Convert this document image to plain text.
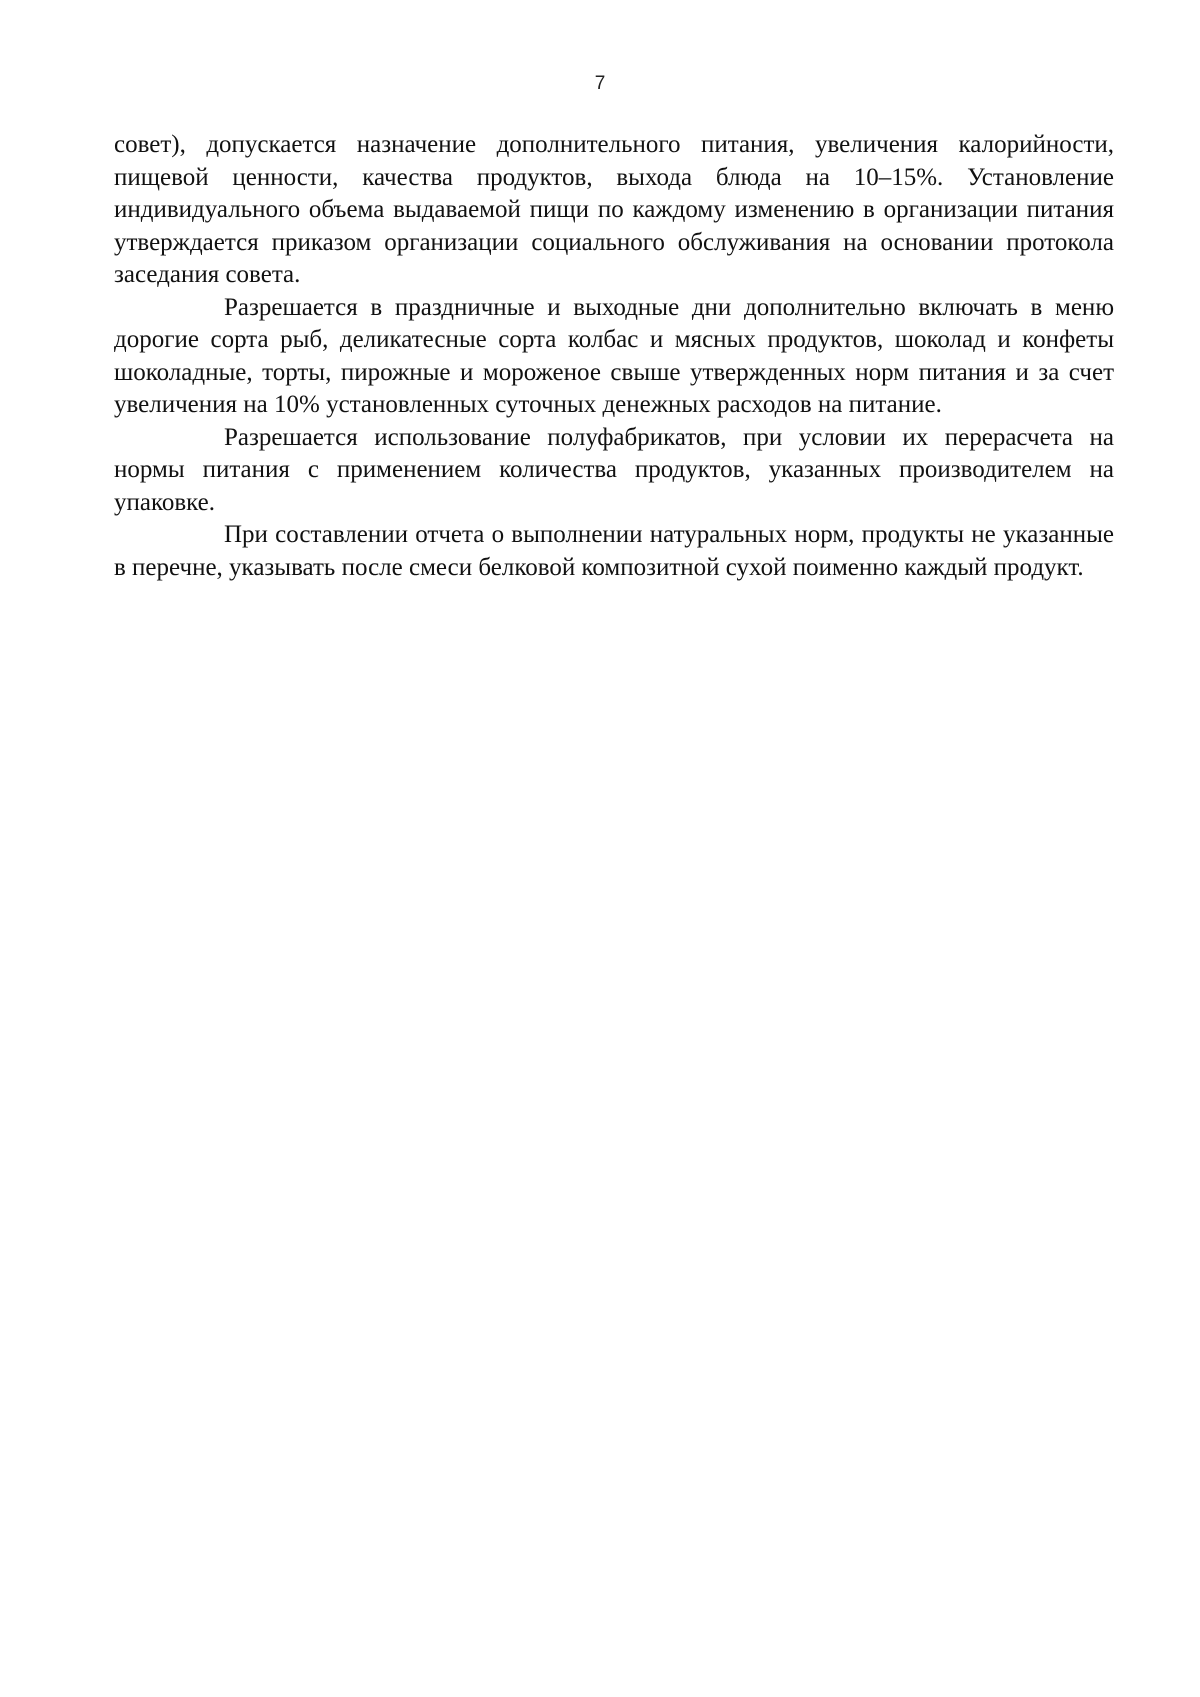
7

совет), допускается назначение дополнительного питания, увеличения калорийности, пищевой ценности, качества продуктов, выхода блюда на 10–15%. Установление индивидуального объема выдаваемой пищи по каждому изменению в организации питания утверждается приказом организации социального обслуживания на основании протокола заседания совета.

Разрешается в праздничные и выходные дни дополнительно включать в меню дорогие сорта рыб, деликатесные сорта колбас и мясных продуктов, шоколад и конфеты шоколадные, торты, пирожные и мороженое свыше утвержденных норм питания и за счет увеличения на 10% установленных суточных денежных расходов на питание.

Разрешается использование полуфабрикатов, при условии их перерасчета на нормы питания с применением количества продуктов, указанных производителем на упаковке.

При составлении отчета о выполнении натуральных норм, продукты не указанные в перечне, указывать после смеси белковой композитной сухой поименно каждый продукт.
